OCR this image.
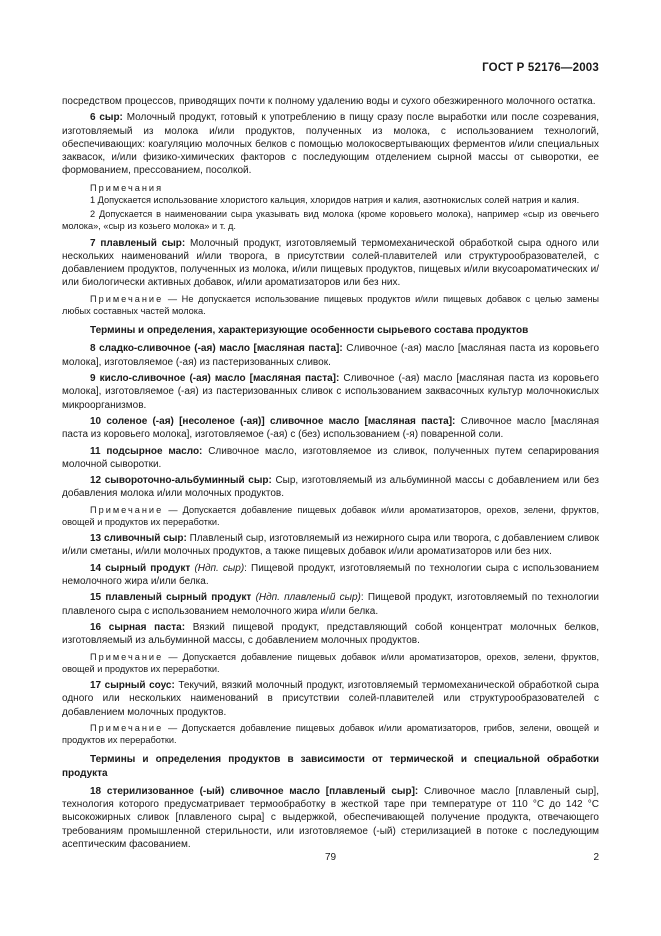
ГОСТ Р 52176—2003

посредством процессов, приводящих почти к полному удалению воды и сухого обезжиренного молочного остатка.

6 сыр: Молочный продукт, готовый к употреблению в пищу сразу после выработки или после созревания, изготовляемый из молока и/или продуктов, полученных из молока, с использованием технологий, обеспечивающих: коагуляцию молочных белков с помощью молокосвертывающих ферментов и/или специальных заквасок, и/или физико-химических факторов с последующим отделением сырной массы от сыворотки, ее формованием, прессованием, посолкой.

Примечания

1 Допускается использование хлористого кальция, хлоридов натрия и калия, азотнокислых солей натрия и калия.

2 Допускается в наименовании сыра указывать вид молока (кроме коровьего молока), например «сыр из овечьего молока», «сыр из козьего молока» и т. д.

7 плавленый сыр: Молочный продукт, изготовляемый термомеханической обработкой сыра одного или нескольких наименований и/или творога, в присутствии солей-плавителей или структурообразователей, с добавлением продуктов, полученных из молока, и/или пищевых продуктов, пищевых и/или вкусоароматических и/или биологически активных добавок, и/или ароматизаторов или без них.

Примечание — Не допускается использование пищевых продуктов и/или пищевых добавок с целью замены любых составных частей молока.

Термины и определения, характеризующие особенности сырьевого состава продуктов

8 сладко-сливочное (-ая) масло [масляная паста]: Сливочное (-ая) масло [масляная паста из коровьего молока], изготовляемое (-ая) из пастеризованных сливок.

9 кисло-сливочное (-ая) масло [масляная паста]: Сливочное (-ая) масло [масляная паста из коровьего молока], изготовляемое (-ая) из пастеризованных сливок с использованием заквасочных культур молочнокислых микроорганизмов.

10 соленое (-ая) [несоленое (-ая)] сливочное масло [масляная паста]: Сливочное масло [масляная паста из коровьего молока], изготовляемое (-ая) с (без) использованием (-я) поваренной соли.

11 подсырное масло: Сливочное масло, изготовляемое из сливок, полученных путем сепарирования молочной сыворотки.

12 сывороточно-альбуминный сыр: Сыр, изготовляемый из альбуминной массы с добавлением или без добавления молока и/или молочных продуктов.

Примечание — Допускается добавление пищевых добавок и/или ароматизаторов, орехов, зелени, фруктов, овощей и продуктов их переработки.

13 сливочный сыр: Плавленый сыр, изготовляемый из нежирного сыра или творога, с добавлением сливок и/или сметаны, и/или молочных продуктов, а также пищевых добавок и/или ароматизаторов или без них.

14 сырный продукт (Ндп. сыр): Пищевой продукт, изготовляемый по технологии сыра с использованием немолочного жира и/или белка.

15 плавленый сырный продукт (Ндп. плавленый сыр): Пищевой продукт, изготовляемый по технологии плавленого сыра с использованием немолочного жира и/или белка.

16 сырная паста: Вязкий пищевой продукт, представляющий собой концентрат молочных белков, изготовляемый из альбуминной массы, с добавлением молочных продуктов.

Примечание — Допускается добавление пищевых добавок и/или ароматизаторов, орехов, зелени, фруктов, овощей и продуктов их переработки.

17 сырный соус: Текучий, вязкий молочный продукт, изготовляемый термомеханической обработкой сыра одного или нескольких наименований в присутствии солей-плавителей или структурообразователей с добавлением молочных продуктов.

Примечание — Допускается добавление пищевых добавок и/или ароматизаторов, грибов, зелени, овощей и продуктов их переработки.

Термины и определения продуктов в зависимости от термической и специальной обработки продукта

18 стерилизованное (-ый) сливочное масло [плавленый сыр]: Сливочное масло [плавленый сыр], технология которого предусматривает термообработку в жесткой таре при температуре от 110 °С до 142 °С высокожирных сливок [плавленого сыра] с выдержкой, обеспечивающей получение продукта, отвечающего требованиям промышленной стерильности, или изготовляемое (-ый) стерилизацией в потоке с последующим асептическим фасованием.

79	2
